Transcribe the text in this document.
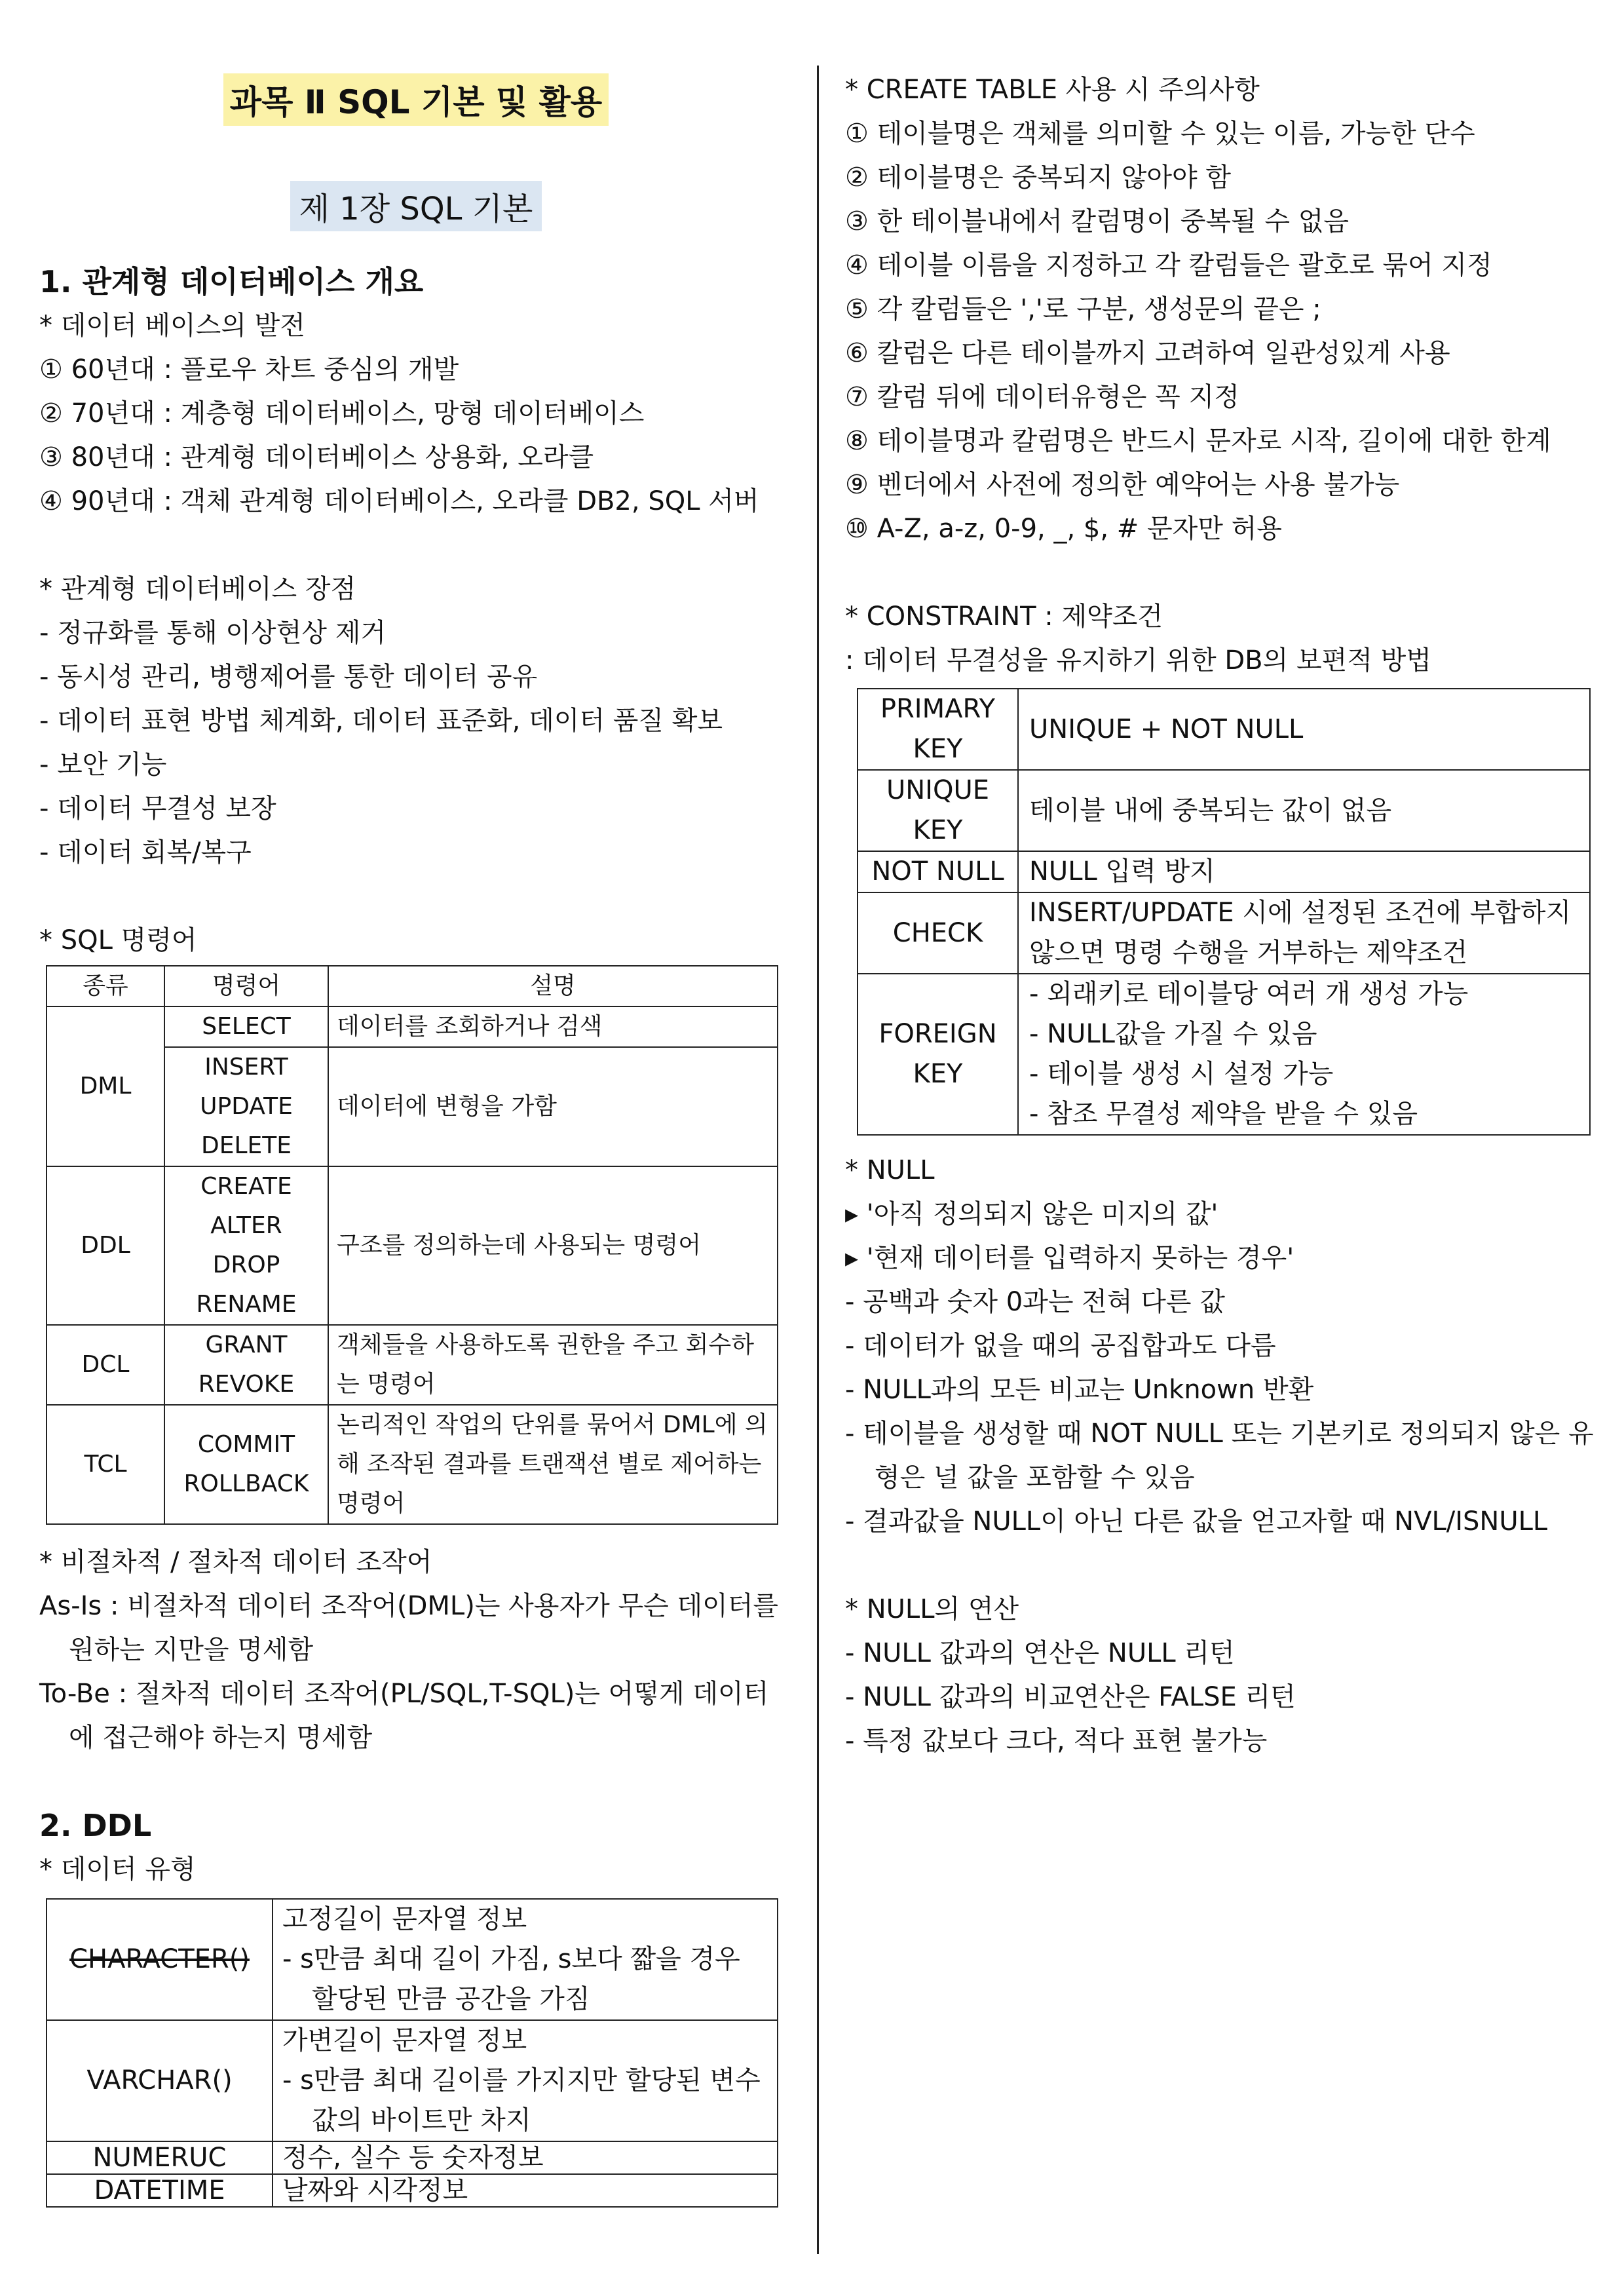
과목 Ⅱ SQL 기본 및 활용
제 1장 SQL 기본
1. 관계형 데이터베이스 개요
* 데이터 베이스의 발전
① 60년대 : 플로우 차트 중심의 개발
② 70년대 : 계층형 데이터베이스, 망형 데이터베이스
③ 80년대 : 관계형 데이터베이스 상용화, 오라클
④ 90년대 : 객체 관계형 데이터베이스, 오라클 DB2, SQL 서버
* 관계형 데이터베이스 장점
- 정규화를 통해 이상현상 제거
- 동시성 관리, 병행제어를 통한 데이터 공유
- 데이터 표현 방법 체계화, 데이터 표준화, 데이터 품질 확보
- 보안 기능
- 데이터 무결성 보장
- 데이터 회복/복구
* SQL 명령어
종류	명령어	설명
DML	SELECT	데이터를 조회하거나 검색

	INSERT
UPDATE
DELETE	데이터에 변형을 가함
DDL	CREATE
ALTER
DROP
RENAME	구조를 정의하는데 사용되는 명령어
DCL	GRANT
REVOKE	객체들을 사용하도록 권한을 주고 회수하는 명령어
TCL	COMMIT
ROLLBACK	논리적인 작업의 단위를 묶어서 DML에 의해 조작된 결과를 트랜잭션 별로 제어하는 명령어
* 비절차적 / 절차적 데이터 조작어
As-Is : 비절차적 데이터 조작어(DML)는 사용자가 무슨 데이터를 원하는 지만을 명세함
To-Be : 절차적 데이터 조작어(PL/SQL,T-SQL)는 어떻게 데이터에 접근해야 하는지 명세함
2. DDL
* 데이터 유형
CHARACTER()	고정길이 문자열 정보
- s만큼 최대 길이 가짐, s보다 짧을 경우 할당된 만큼 공간을 가짐

VARCHAR()	가변길이 문자열 정보
- s만큼 최대 길이를 가지지만 할당된 변수 값의 바이트만 차지

NUMERUC	정수, 실수 등 숫자정보
DATETIME	날짜와 시각정보
* CREATE TABLE 사용 시 주의사항
① 테이블명은 객체를 의미할 수 있는 이름, 가능한 단수
② 테이블명은 중복되지 않아야 함
③ 한 테이블내에서 칼럼명이 중복될 수 없음
④ 테이블 이름을 지정하고 각 칼럼들은 괄호로 묶어 지정
⑤ 각 칼럼들은 ','로 구분, 생성문의 끝은 ;
⑥ 칼럼은 다른 테이블까지 고려하여 일관성있게 사용
⑦ 칼럼 뒤에 데이터유형은 꼭 지정
⑧ 테이블명과 칼럼명은 반드시 문자로 시작, 길이에 대한 한계
⑨ 벤더에서 사전에 정의한 예약어는 사용 불가능
⑩ A-Z, a-z, 0-9, _, $, # 문자만 허용
* CONSTRAINT : 제약조건
: 데이터 무결성을 유지하기 위한 DB의 보편적 방법
PRIMARY KEY	UNIQUE + NOT NULL
UNIQUE KEY	테이블 내에 중복되는 값이 없음
NOT NULL	NULL 입력 방지
CHECK	INSERT/UPDATE 시에 설정된 조건에 부합하지 않으면 명령 수행을 거부하는 제약조건
FOREIGN KEY	- 외래키로 테이블당 여러 개 생성 가능
- NULL값을 가질 수 있음
- 테이블 생성 시 설정 가능
- 참조 무결성 제약을 받을 수 있음
* NULL
▸ '아직 정의되지 않은 미지의 값'
▸ '현재 데이터를 입력하지 못하는 경우'
- 공백과 숫자 0과는 전혀 다른 값
- 데이터가 없을 때의 공집합과도 다름
- NULL과의 모든 비교는 Unknown 반환
- 테이블을 생성할 때 NOT NULL 또는 기본키로 정의되지 않은 유형은 널 값을 포함할 수 있음
- 결과값을 NULL이 아닌 다른 값을 얻고자할 때 NVL/ISNULL
* NULL의 연산
- NULL 값과의 연산은 NULL 리턴
- NULL 값과의 비교연산은 FALSE 리턴
- 특정 값보다 크다, 적다 표현 불가능
